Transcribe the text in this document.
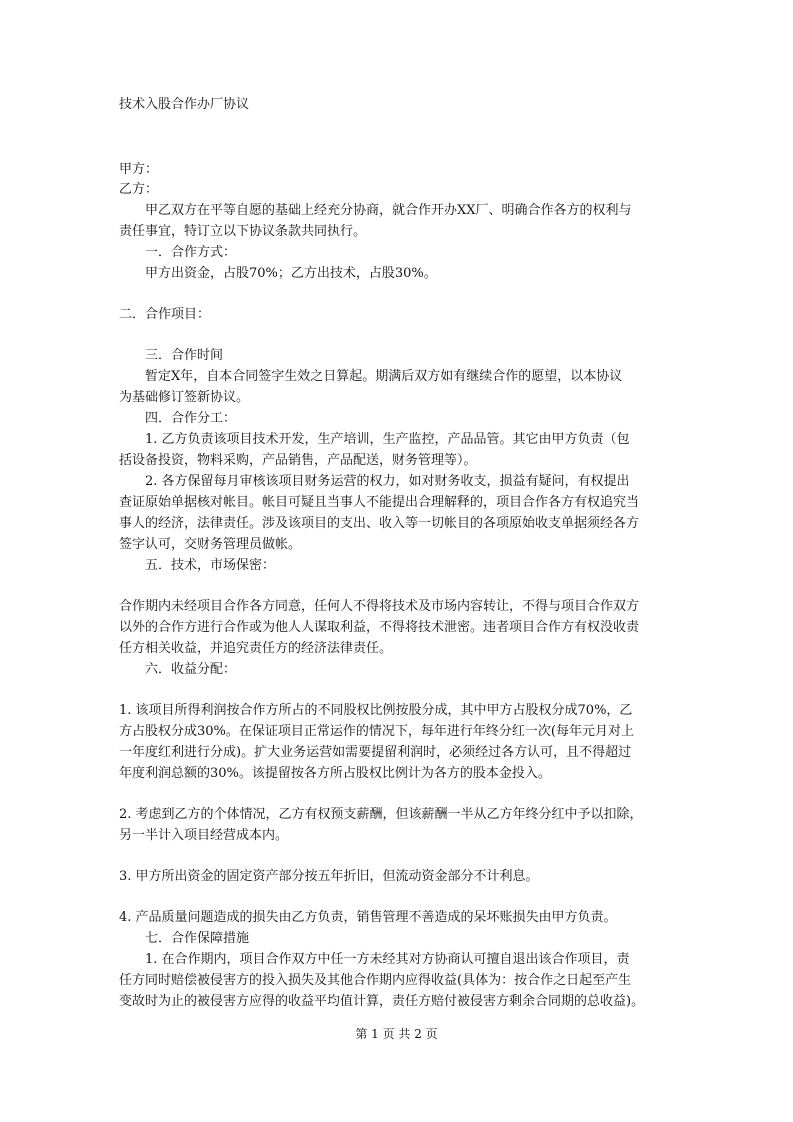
技术入股合作办厂协议
甲方：
乙方：
　　甲乙双方在平等自愿的基础上经充分协商，就合作开办XX厂、明确合作各方的权利与
责任事宜，特订立以下协议条款共同执行。
　　一．合作方式：
　　甲方出资金，占股70%；乙方出技术，占股30%。
二．合作项目：
　　三．合作时间
　　暂定X年，自本合同签字生效之日算起。期满后双方如有继续合作的愿望，以本协议
为基础修订签新协议。
　　四．合作分工：
　　1. 乙方负责该项目技术开发，生产培训，生产监控，产品品管。其它由甲方负责（包
括设备投资，物料采购，产品销售，产品配送，财务管理等）。
　　2. 各方保留每月审核该项目财务运营的权力，如对财务收支，损益有疑问，有权提出
查证原始单据核对帐目。帐目可疑且当事人不能提出合理解释的，项目合作各方有权追究当
事人的经济，法律责任。涉及该项目的支出、收入等一切帐目的各项原始收支单据须经各方
签字认可，交财务管理员做帐。
　　五．技术，市场保密：
合作期内未经项目合作各方同意，任何人不得将技术及市场内容转让，不得与项目合作双方
以外的合作方进行合作或为他人人谋取利益，不得将技术泄密。违者项目合作方有权没收责
任方相关收益，并追究责任方的经济法律责任。
　　六．收益分配：
1. 该项目所得利润按合作方所占的不同股权比例按股分成，其中甲方占股权分成70%，乙
方占股权分成30%。在保证项目正常运作的情况下，每年进行年终分红一次(每年元月对上
一年度红利进行分成)。扩大业务运营如需要提留利润时，必须经过各方认可，且不得超过
年度利润总额的30%。该提留按各方所占股权比例计为各方的股本金投入。
2. 考虑到乙方的个体情况，乙方有权预支薪酬，但该薪酬一半从乙方年终分红中予以扣除，
另一半计入项目经营成本内。
3. 甲方所出资金的固定资产部分按五年折旧，但流动资金部分不计利息。
4. 产品质量问题造成的损失由乙方负责，销售管理不善造成的呆坏账损失由甲方负责。
　　七．合作保障措施
　　1. 在合作期内，项目合作双方中任一方未经其对方协商认可擅自退出该合作项目，责
任方同时赔偿被侵害方的投入损失及其他合作期内应得收益(具体为：按合作之日起至产生
变故时为止的被侵害方应得的收益平均值计算，责任方赔付被侵害方剩余合同期的总收益)。
第 1 页 共 2 页
